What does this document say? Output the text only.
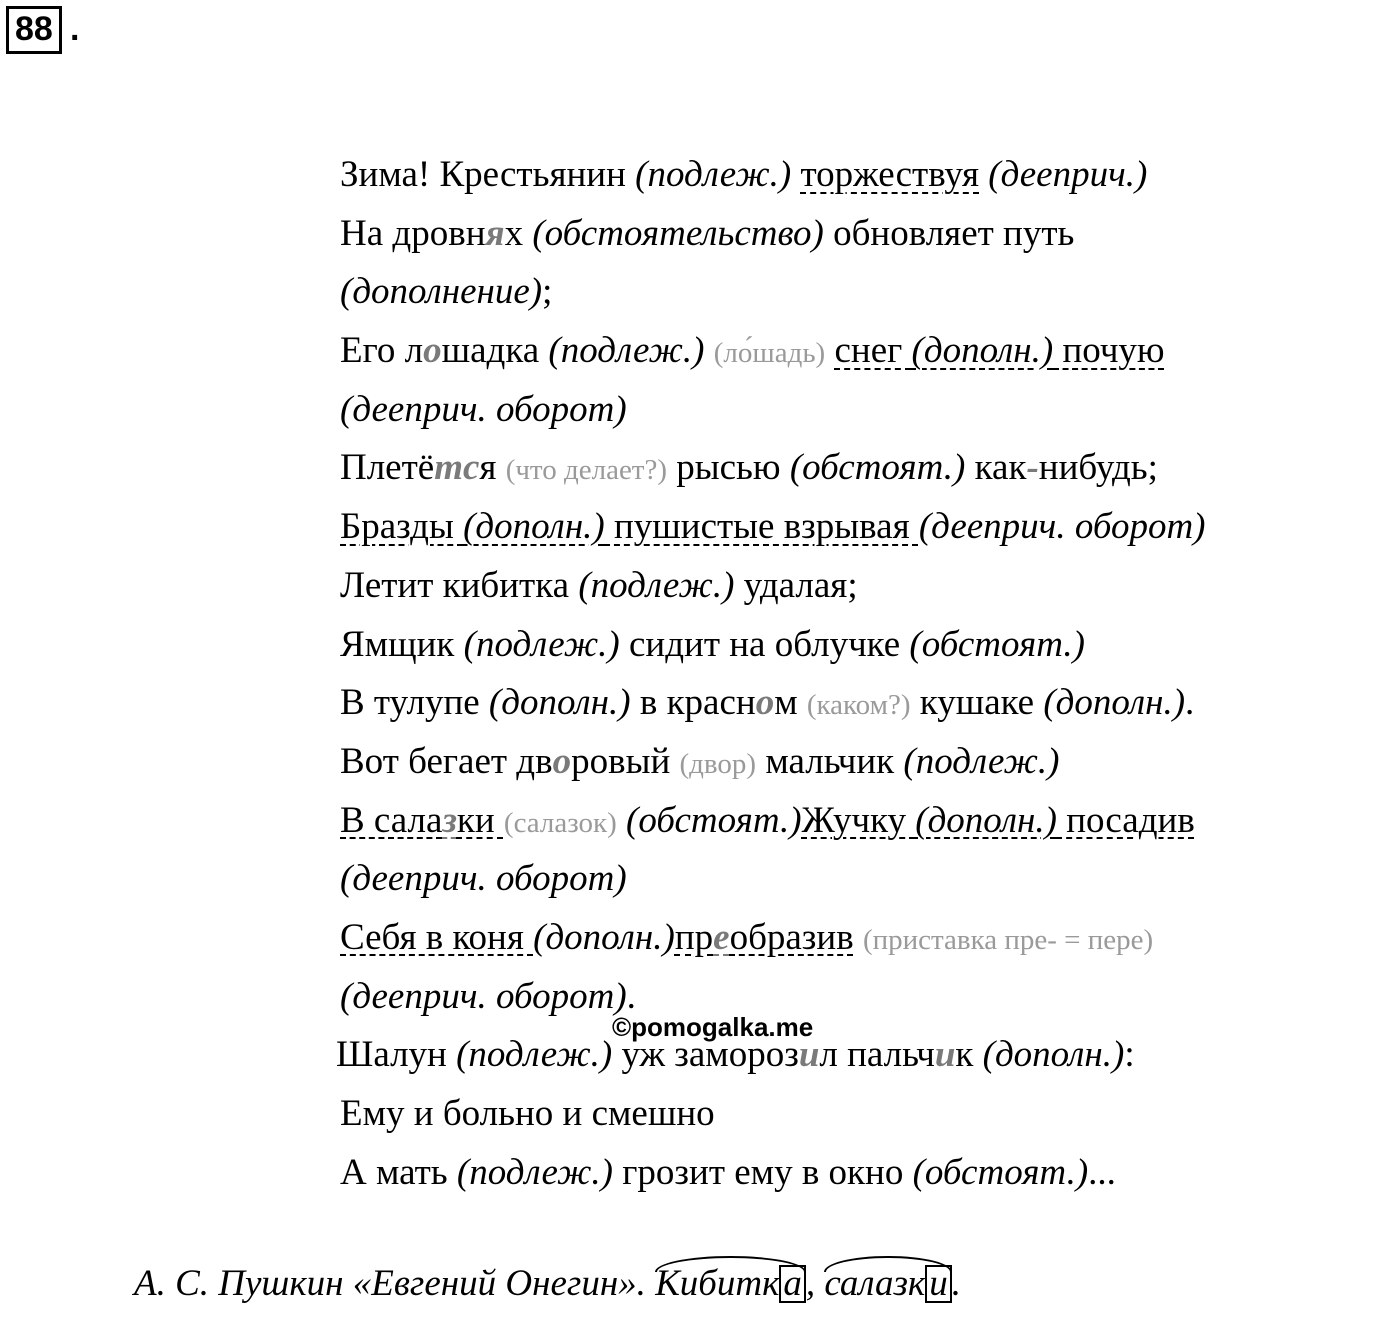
88 .
Зима! Крестьянин (подлеж.) торжествуя (дееприч.)
На дровнях (обстоятельство) обновляет путь
(дополнение);
Его лошадка (подлеж.) (ло́шадь) снег (дополн.) почую
(дееприч. оборот)
Плетётся (что делает?) рысью (обстоят.) как-нибудь;
Бразды (дополн.) пушистые взрывая (дееприч. оборот)
Летит кибитка (подлеж.) удалая;
Ямщик (подлеж.) сидит на облучке (обстоят.)
В тулупе (дополн.) в красном (каком?) кушаке (дополн.).
Вот бегает дворовый (двор) мальчик (подлеж.)
В салазки (салазок) (обстоят.)Жучку (дополн.) посадив
(дееприч. оборот)
Себя в коня (дополн.)преобразив (приставка пре- = пере)
(дееприч. оборот).
Шалун (подлеж.) уж заморозил пальчик (дополн.):
Ему и больно и смешно
А мать (подлеж.) грозит ему в окно (обстоят.)...
©pomogalka.me
А. С. Пушкин «Евгений Онегин». Кибитк а , салазк и .
